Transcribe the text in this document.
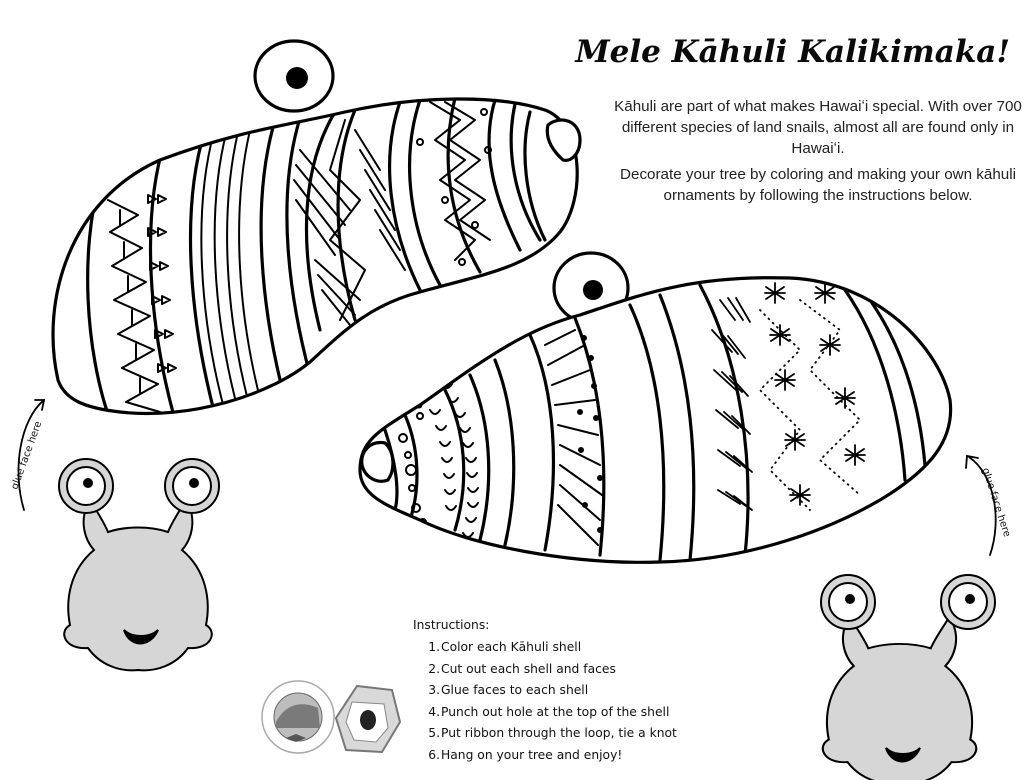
Mele Kāhuli Kalikimaka!

Kāhuli are part of what makes Hawaiʻi special. With over 700 different species of land snails, almost all are found only in Hawaiʻi.

Decorate your tree by coloring and making your own kāhuli ornaments by following the instructions below.

Instructions:
1. Color each Kāhuli shell
2. Cut out each shell and faces
3. Glue faces to each shell
4. Punch out hole at the top of the shell
5. Put ribbon through the loop, tie a knot
6. Hang on your tree and enjoy!
glue face here
glue face here
